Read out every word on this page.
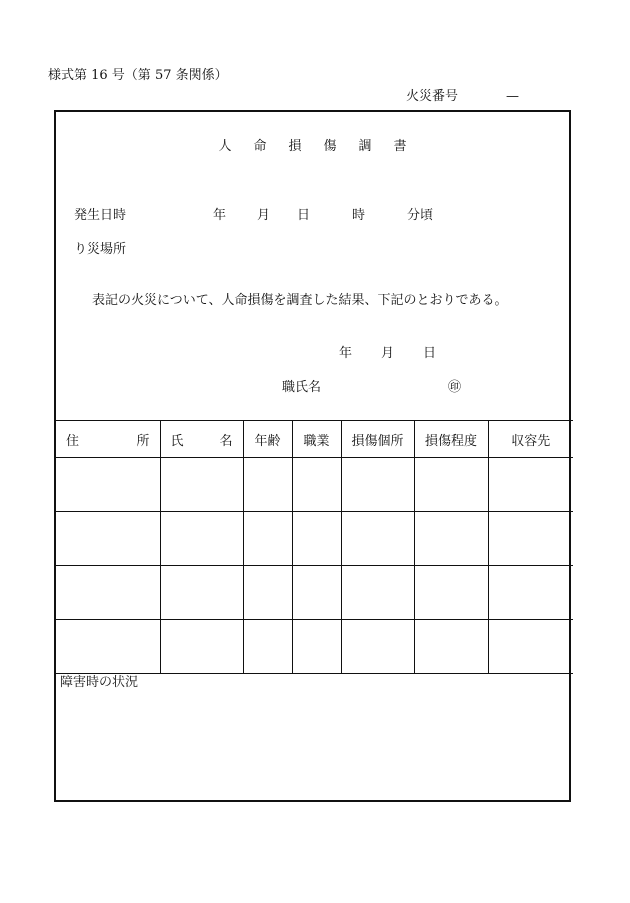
様式第 16 号（第 57 条関係）
火災番号	—
人 命 損 傷 調 書
発生日時	年 月 日	時	分頃
り災場所
表記の火災について、人命損傷を調査した結果、下記のとおりである。
年 月 日
職氏名	㊞
住 所	氏 名	年齢	職業	損傷個所	損傷程度	収容先

障害時の状況
